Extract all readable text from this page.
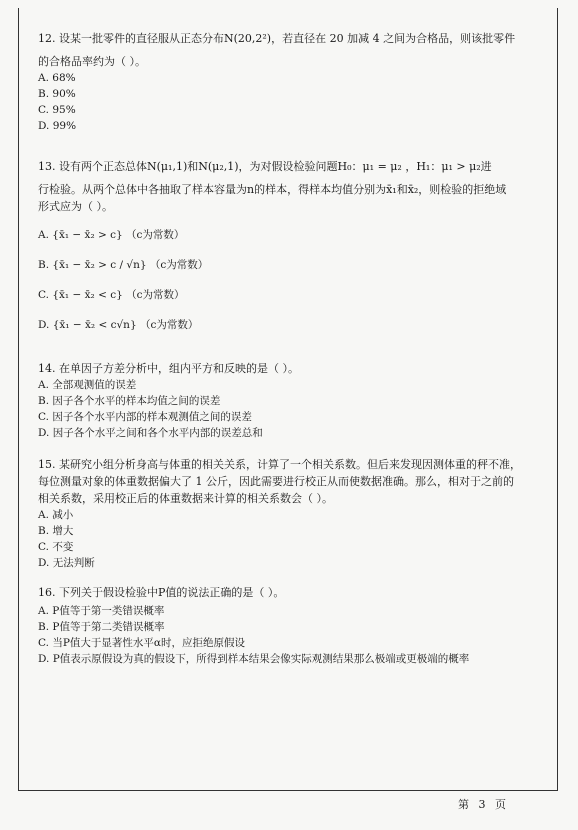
12. 设某一批零件的直径服从正态分布N(20,2²)，若直径在 20 加减 4 之间为合格品，则该批零件

的合格品率约为（ ）。

A. 68%

B. 90%

C. 95%

D. 99%

13. 设有两个正态总体N(μ₁,1)和N(μ₂,1)，为对假设检验问题H₀：μ₁ = μ₂ ，H₁：μ₁ > μ₂进

行检验。从两个总体中各抽取了样本容量为n的样本，得样本均值分别为x̄₁和x̄₂，则检验的拒绝域

形式应为（ ）。

A. {x̄₁ − x̄₂ > c} （c为常数）

B. {x̄₁ − x̄₂ > c / √n} （c为常数）

C. {x̄₁ − x̄₂ < c} （c为常数）

D. {x̄₁ − x̄₂ < c√n} （c为常数）

14. 在单因子方差分析中，组内平方和反映的是（ ）。

A. 全部观测值的误差

B. 因子各个水平的样本均值之间的误差

C. 因子各个水平内部的样本观测值之间的误差

D. 因子各个水平之间和各个水平内部的误差总和

15. 某研究小组分析身高与体重的相关关系，计算了一个相关系数。但后来发现因测体重的秤不准，

每位测量对象的体重数据偏大了 1 公斤，因此需要进行校正从而使数据准确。那么，相对于之前的

相关系数，采用校正后的体重数据来计算的相关系数会（ ）。

A. 减小

B. 增大

C. 不变

D. 无法判断

16. 下列关于假设检验中P值的说法正确的是（ ）。

A. P值等于第一类错误概率

B. P值等于第二类错误概率

C. 当P值大于显著性水平α时，应拒绝原假设

D. P值表示原假设为真的假设下，所得到样本结果会像实际观测结果那么极端或更极端的概率

第 3 页
